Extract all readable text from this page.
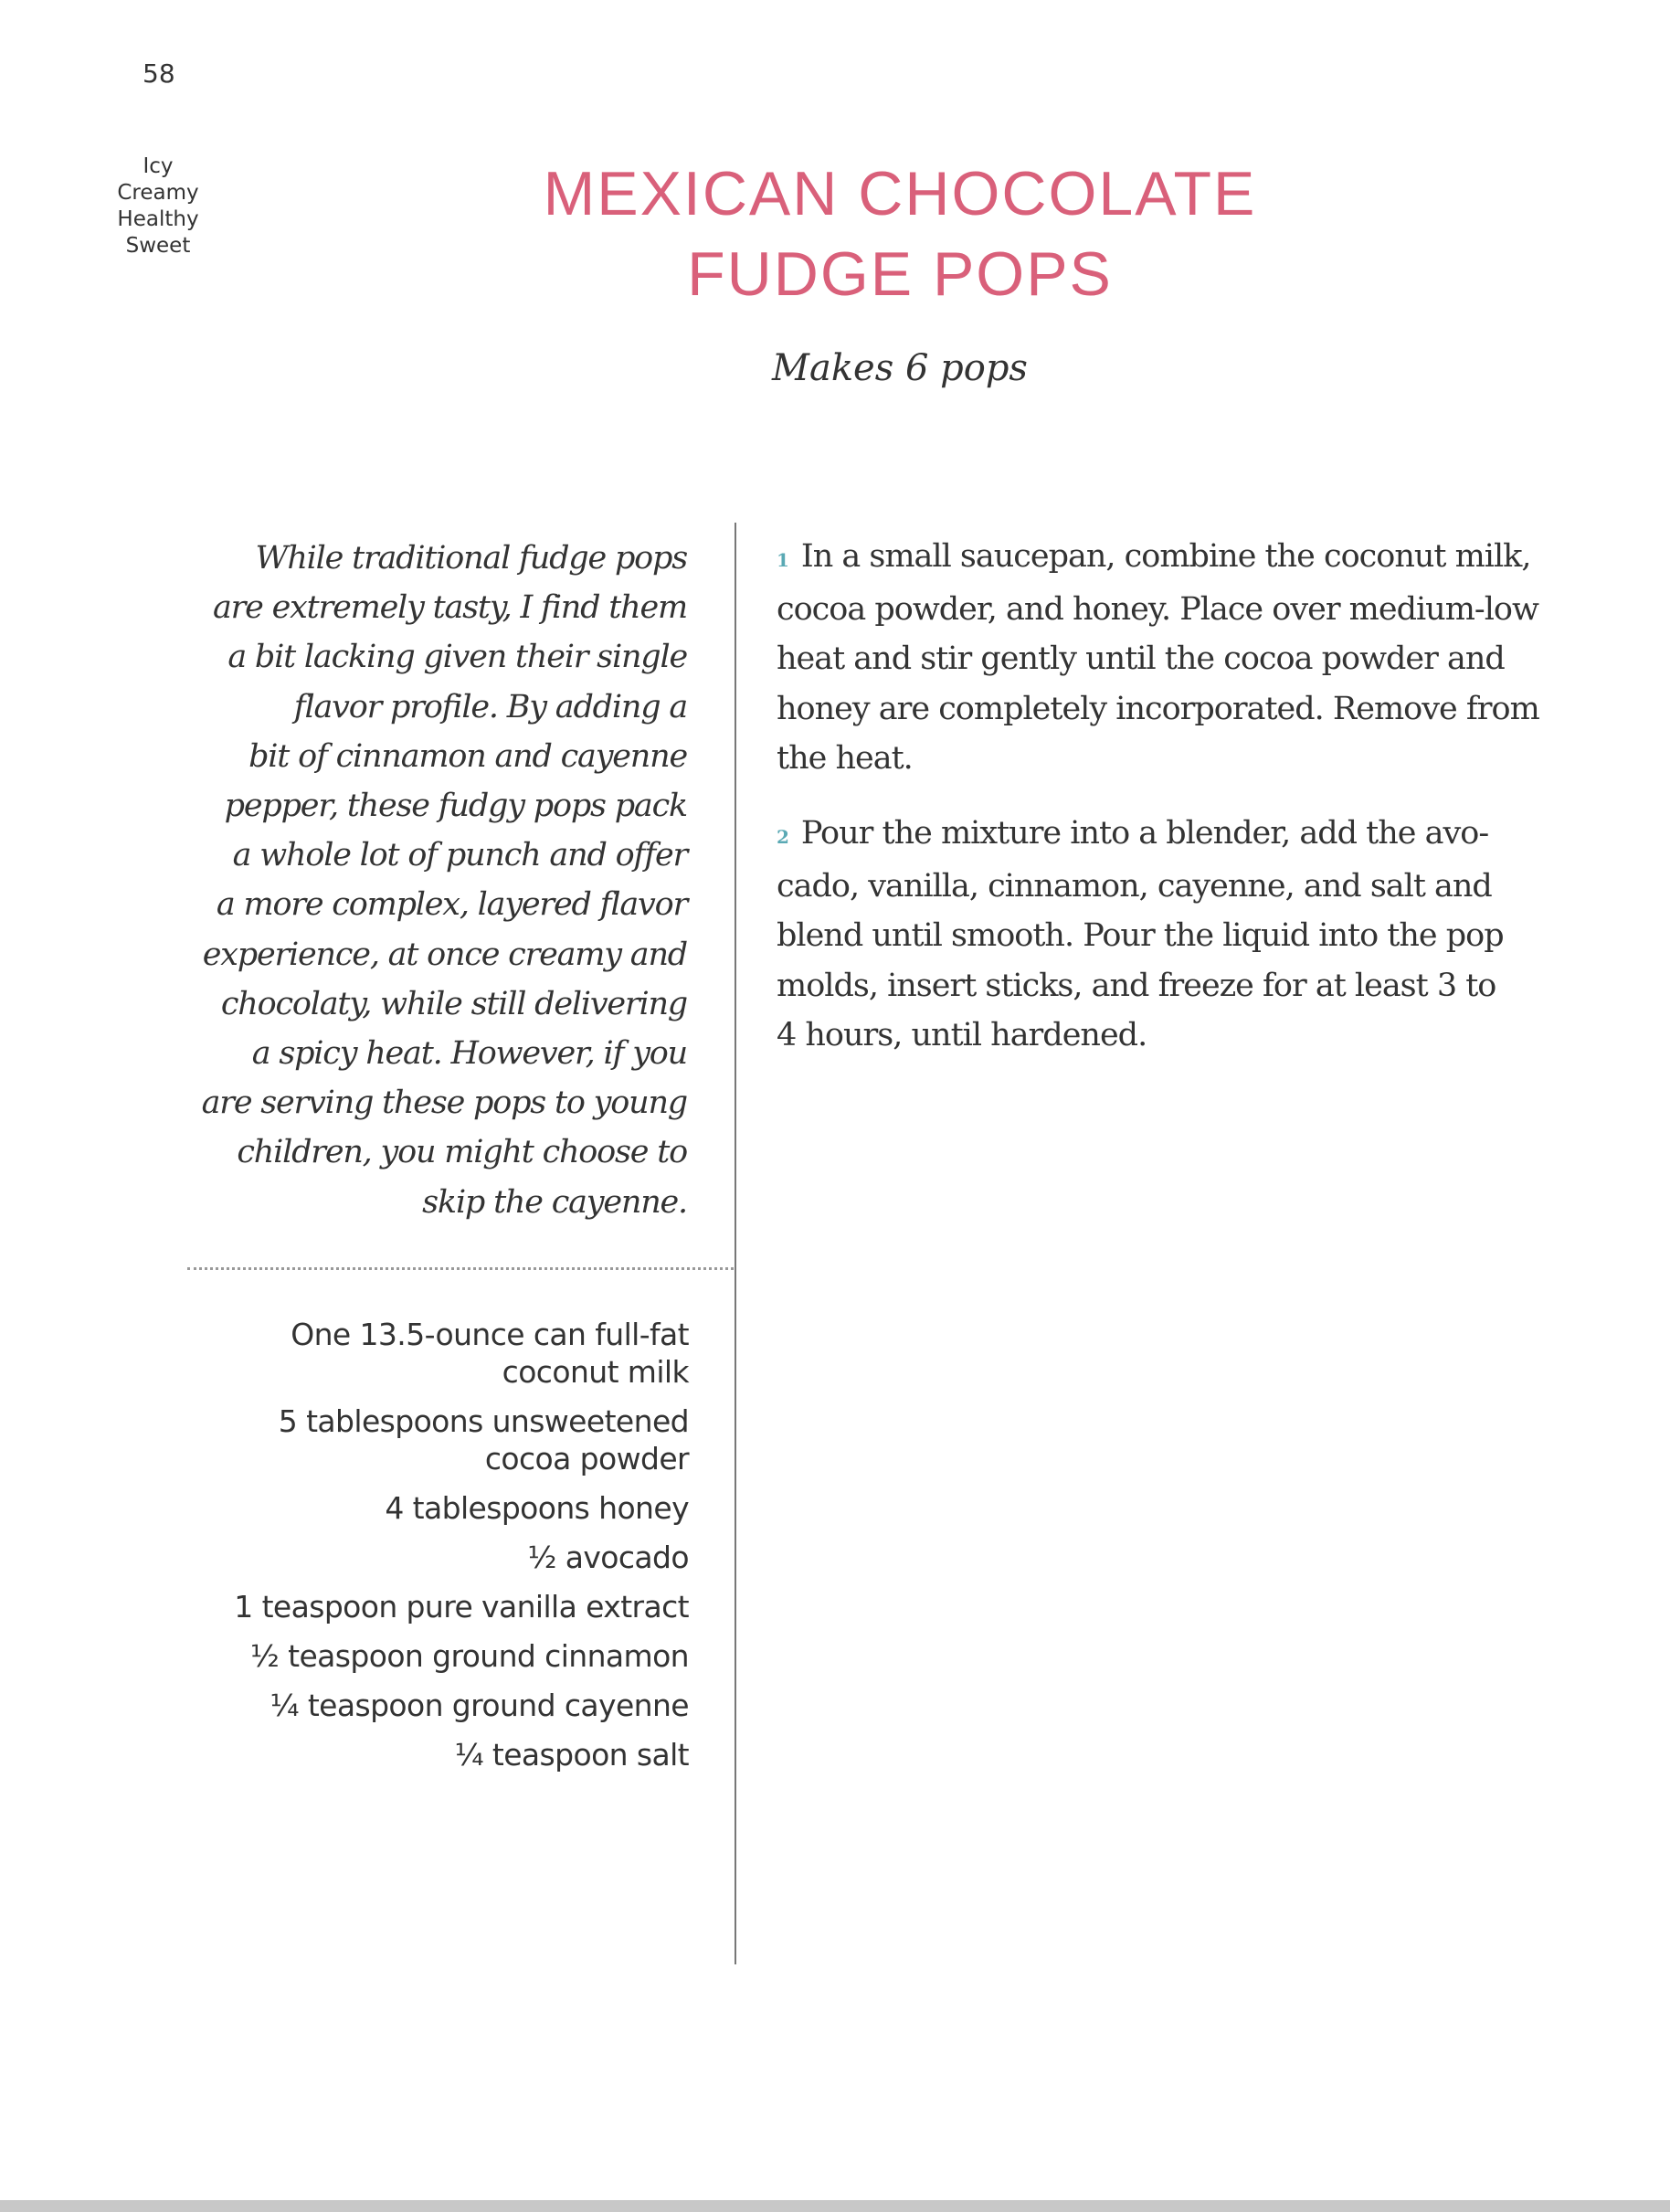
58
Icy
Creamy
Healthy
Sweet
MEXICAN CHOCOLATE
FUDGE POPS
Makes 6 pops
While traditional fudge pops
are extremely tasty, I find them
a bit lacking given their single
flavor profile. By adding a
bit of cinnamon and cayenne
pepper, these fudgy pops pack
a whole lot of punch and offer
a more complex, layered flavor
experience, at once creamy and
chocolaty, while still delivering
a spicy heat. However, if you
are serving these pops to young
children, you might choose to
skip the cayenne.
One 13.5-ounce can full-fat
coconut milk
5 tablespoons unsweetened
cocoa powder
4 tablespoons honey
½ avocado
1 teaspoon pure vanilla extract
½ teaspoon ground cinnamon
¼ teaspoon ground cayenne
¼ teaspoon salt
1 In a small saucepan, combine the coconut milk,
cocoa powder, and honey. Place over medium-low
heat and stir gently until the cocoa powder and
honey are completely incorporated. Remove from
the heat.
2 Pour the mixture into a blender, add the avo-
cado, vanilla, cinnamon, cayenne, and salt and
blend until smooth. Pour the liquid into the pop
molds, insert sticks, and freeze for at least 3 to
4 hours, until hardened.
